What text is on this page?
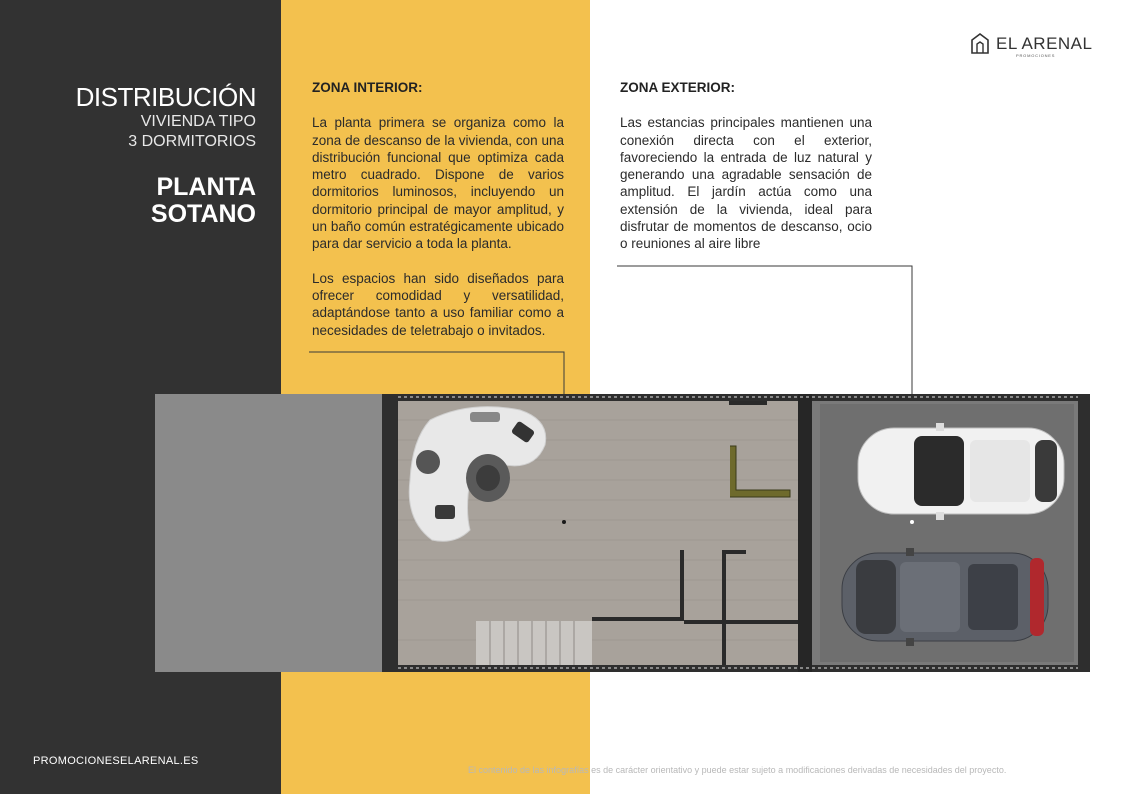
DISTRIBUCIÓN
VIVIENDA TIPO
3 DORMITORIOS
PLANTA
SOTANO
ZONA INTERIOR:

La planta primera se organiza como la zona de descanso de la vivienda, con una distribución funcional que optimiza cada metro cuadrado. Dispone de varios dormitorios luminosos, incluyendo un dormitorio principal de mayor amplitud, y un baño común estratégicamente ubicado para dar servicio a toda la planta.

Los espacios han sido diseñados para ofrecer comodidad y versatilidad, adaptándose tanto a uso familiar como a necesidades de teletrabajo o invitados.

ZONA EXTERIOR:

Las estancias principales mantienen una conexión directa con el exterior, favoreciendo la entrada de luz natural y generando una agradable sensación de amplitud. El jardín actúa como una extensión de la vivienda, ideal para disfrutar de momentos de descanso, ocio o reuniones al aire libre

EL ARENAL
PROMOCIONES
PROMOCIONESELARENAL.ES
El contenido de las infografías es de carácter orientativo y puede estar sujeto a modificaciones derivadas de necesidades del proyecto.
